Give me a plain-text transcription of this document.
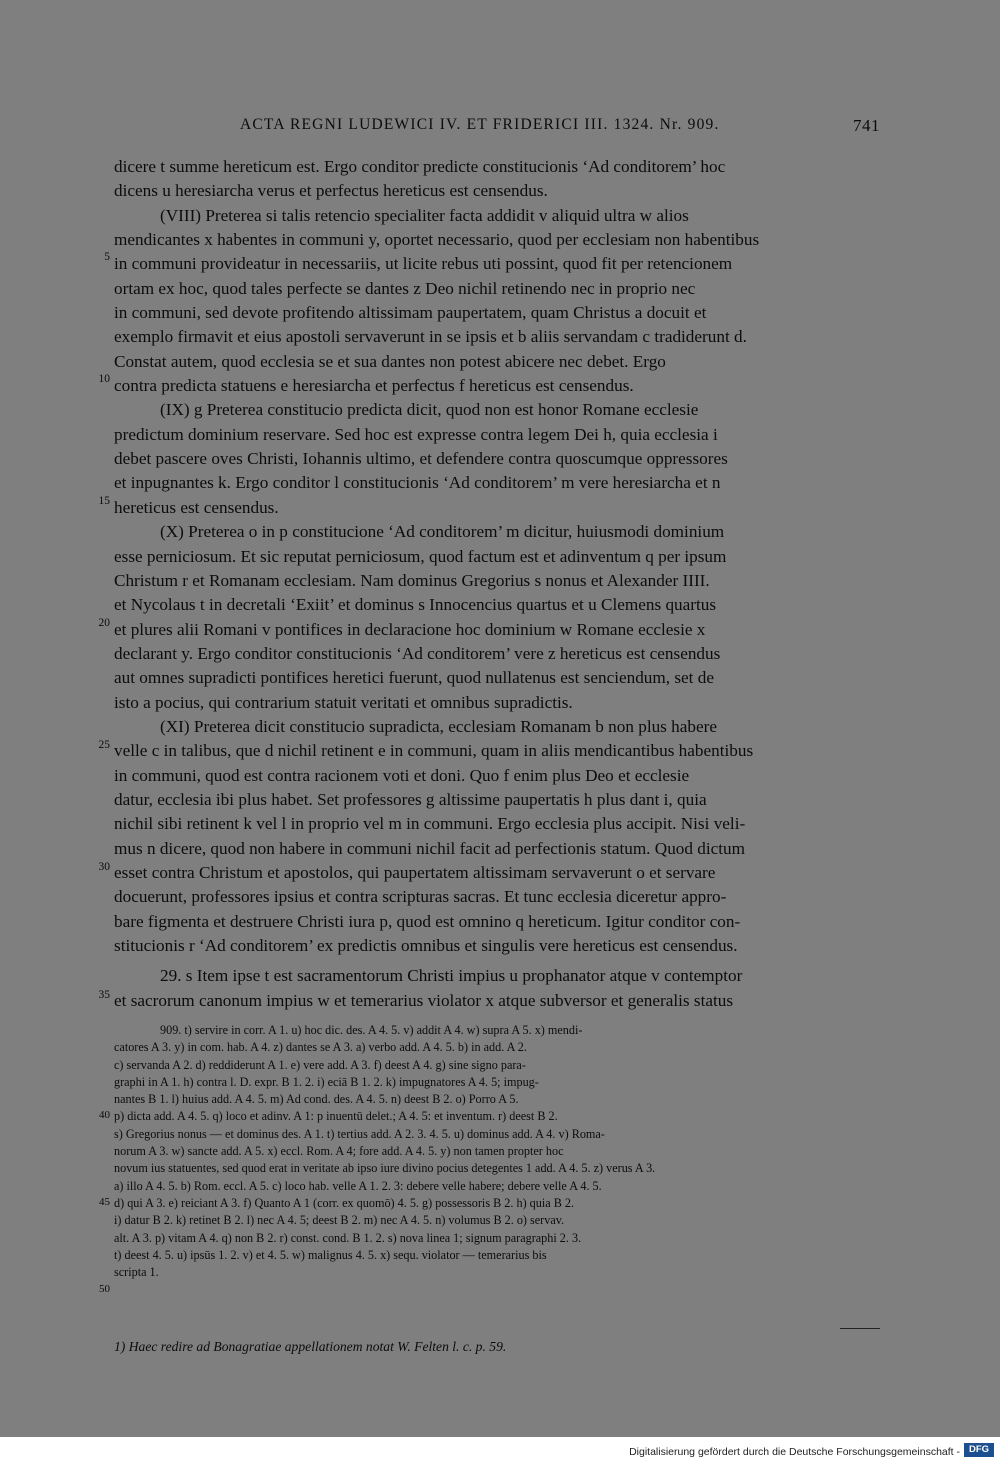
ACTA REGNI LUDEWICI IV. ET FRIDERICI III. 1324. Nr. 909.	741
dicere t summe hereticum est. Ergo conditor predicte constitucionis ‘Ad conditorem’ hoc
dicens u heresiarcha verus et perfectus hereticus est censendus.
(VIII) Preterea si talis retencio specialiter facta addidit v aliquid ultra w alios
mendicantes x habentes in communi y, oportet necessario, quod per ecclesiam non habentibus
in communi provideatur in necessariis, ut licite rebus uti possint, quod fit per retencionem
ortam ex hoc, quod tales perfecte se dantes z Deo nichil retinendo nec in proprio nec
in communi, sed devote profitendo altissimam paupertatem, quam Christus a docuit et
exemplo firmavit et eius apostoli servaverunt in se ipsis et b aliis servandam c tradiderunt d.
Constat autem, quod ecclesia se et sua dantes non potest abicere nec debet. Ergo
contra predicta statuens e heresiarcha et perfectus f hereticus est censendus.
(IX) g Preterea constitucio predicta dicit, quod non est honor Romane ecclesie
predictum dominium reservare. Sed hoc est expresse contra legem Dei h, quia ecclesia i
debet pascere oves Christi, Iohannis ultimo, et defendere contra quoscumque oppressores
et inpugnantes k. Ergo conditor l constitucionis ‘Ad conditorem’ m vere heresiarcha et n
hereticus est censendus.
(X) Preterea o in p constitucione ‘Ad conditorem’ m dicitur, huiusmodi dominium
esse perniciosum. Et sic reputat perniciosum, quod factum est et adinventum q per ipsum
Christum r et Romanam ecclesiam. Nam dominus Gregorius s nonus et Alexander IIII.
et Nycolaus t in decretali ‘Exiit’ et dominus s Innocencius quartus et u Clemens quartus
et plures alii Romani v pontifices in declaracione hoc dominium w Romane ecclesie x
declarant y. Ergo conditor constitucionis ‘Ad conditorem’ vere z hereticus est censendus
aut omnes supradicti pontifices heretici fuerunt, quod nullatenus est senciendum, set de
isto a pocius, qui contrarium statuit veritati et omnibus supradictis.
(XI) Preterea dicit constitucio supradicta, ecclesiam Romanam b non plus habere
velle c in talibus, que d nichil retinent e in communi, quam in aliis mendicantibus habentibus
in communi, quod est contra racionem voti et doni. Quo f enim plus Deo et ecclesie
datur, ecclesia ibi plus habet. Set professores g altissime paupertatis h plus dant i, quia
nichil sibi retinent k vel l in proprio vel m in communi. Ergo ecclesia plus accipit. Nisi veli-
mus n dicere, quod non habere in communi nichil facit ad perfectionis statum. Quod dictum
esset contra Christum et apostolos, qui paupertatem altissimam servaverunt o et servare
docuerunt, professores ipsius et contra scripturas sacras. Et tunc ecclesia diceretur appro-
bare figmenta et destruere Christi iura p, quod est omnino q hereticum. Igitur conditor con-
stitucionis r ‘Ad conditorem’ ex predictis omnibus et singulis vere hereticus est censendus.
29. s Item ipse t est sacramentorum Christi impius u prophanator atque v contemptor
et sacrorum canonum impius w et temerarius violator x atque subversor et generalis status
5
10
15
20
25
30
35
909. t) servire in corr. A 1. u) hoc dic. des. A 4. 5. v) addit A 4. w) supra A 5. x) mendi-
catores A 3. y) in com. hab. A 4. z) dantes se A 3. a) verbo add. A 4. 5. b) in add. A 2.
c) servanda A 2. d) reddiderunt A 1. e) vere add. A 3. f) deest A 4. g) sine signo para-
graphi in A 1. h) contra l. D. expr. B 1. 2. i) eciā B 1. 2. k) impugnatores A 4. 5; impug-
nantes B 1. l) huius add. A 4. 5. m) Ad cond. des. A 4. 5. n) deest B 2. o) Porro A 5.
p) dicta add. A 4. 5. q) loco et adinv. A 1: p inuentū delet.; A 4. 5: et inventum. r) deest B 2.
s) Gregorius nonus — et dominus des. A 1. t) tertius add. A 2. 3. 4. 5. u) dominus add. A 4. v) Roma-
norum A 3. w) sancte add. A 5. x) eccl. Rom. A 4; fore add. A 4. 5. y) non tamen propter hoc
novum ius statuentes, sed quod erat in veritate ab ipso iure divino pocius detegentes 1 add. A 4. 5. z) verus A 3.
a) illo A 4. 5. b) Rom. eccl. A 5. c) loco hab. velle A 1. 2. 3: debere velle habere; debere velle A 4. 5.
d) qui A 3. e) reiciant A 3. f) Quanto A 1 (corr. ex quomō) 4. 5. g) possessoris B 2. h) quia B 2.
i) datur B 2. k) retinet B 2. l) nec A 4. 5; deest B 2. m) nec A 4. 5. n) volumus B 2. o) servav.
alt. A 3. p) vitam A 4. q) non B 2. r) const. cond. B 1. 2. s) nova linea 1; signum paragraphi 2. 3.
t) deest 4. 5. u) ipsūs 1. 2. v) et 4. 5. w) malignus 4. 5. x) sequ. violator — temerarius bis
scripta 1.
40
45
50
1) Haec redire ad Bonagratiae appellationem notat W. Felten l. c. p. 59.
Digitalisierung gefördert durch die Deutsche Forschungsgemeinschaft - DFG
